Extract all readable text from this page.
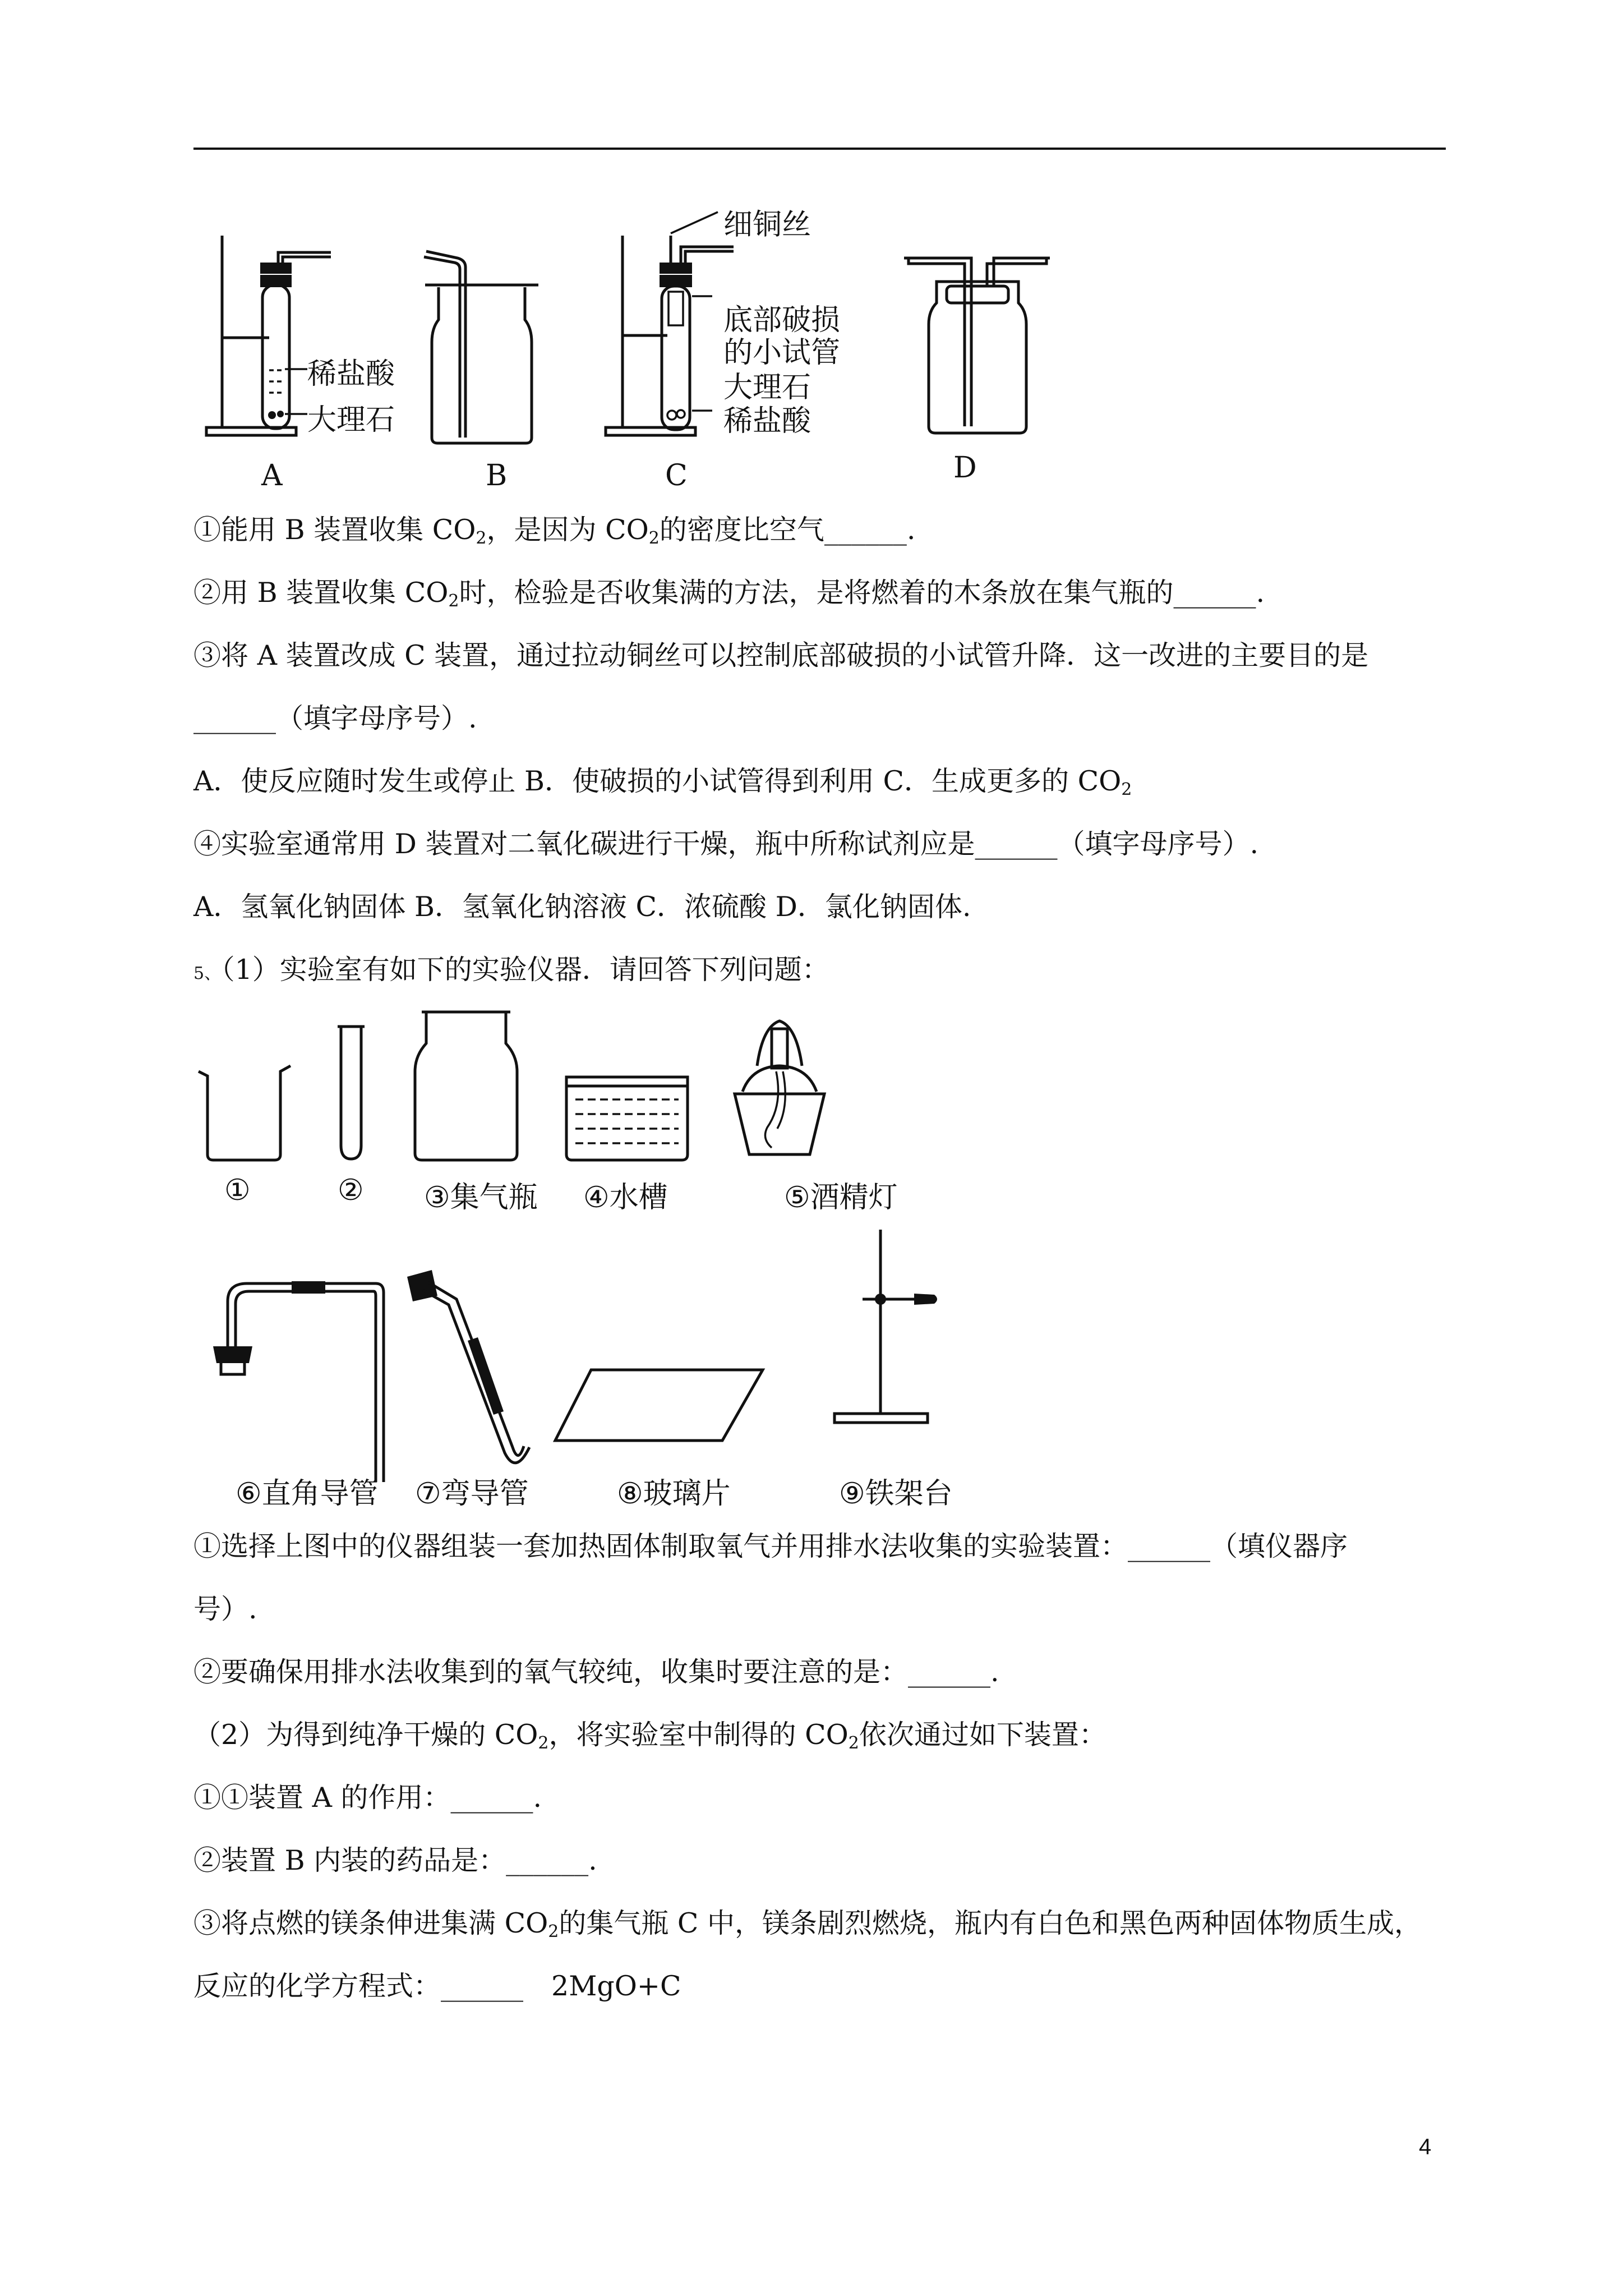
稀盐酸
大理石
细铜丝
底部破损
的小试管
大理石
稀盐酸
A	B	C	D
①能用 B 装置收集 $CO_2$，是因为 $CO_2$的密度比空气______.
②用 B 装置收集 $CO_2$时，检验是否收集满的方法，是将燃着的木条放在集气瓶的______.
③将 A 装置改成 C 装置，通过拉动铜丝可以控制底部破损的小试管升降．这一改进的主要目的是
______（填字母序号）.
A．使反应随时发生或停止 B．使破损的小试管得到利用 C．生成更多的 $CO_2$
④实验室通常用 D 装置对二氧化碳进行干燥，瓶中所称试剂应是______（填字母序号）.
A．氢氧化钠固体 B．氢氧化钠溶液 C．浓硫酸 D．氯化钠固体.
5、（1）实验室有如下的实验仪器．请回答下列问题：
①	② ③集气瓶 ④水槽	⑤酒精灯
⑥直角导管 ⑦弯导管	⑧玻璃片	⑨铁架台
①选择上图中的仪器组装一套加热固体制取氧气并用排水法收集的实验装置：______（填仪器序
号）.
②要确保用排水法收集到的氧气较纯，收集时要注意的是：______.
（2）为得到纯净干燥的 $CO_2$，将实验室中制得的 $CO_2$依次通过如下装置：
①①装置 A 的作用：______.
②装置 B 内装的药品是：______.
③将点燃的镁条伸进集满 $CO_2$的集气瓶 C 中，镁条剧烈燃烧，瓶内有白色和黑色两种固体物质生成，
反应的化学方程式：______ 2MgO+C
4
